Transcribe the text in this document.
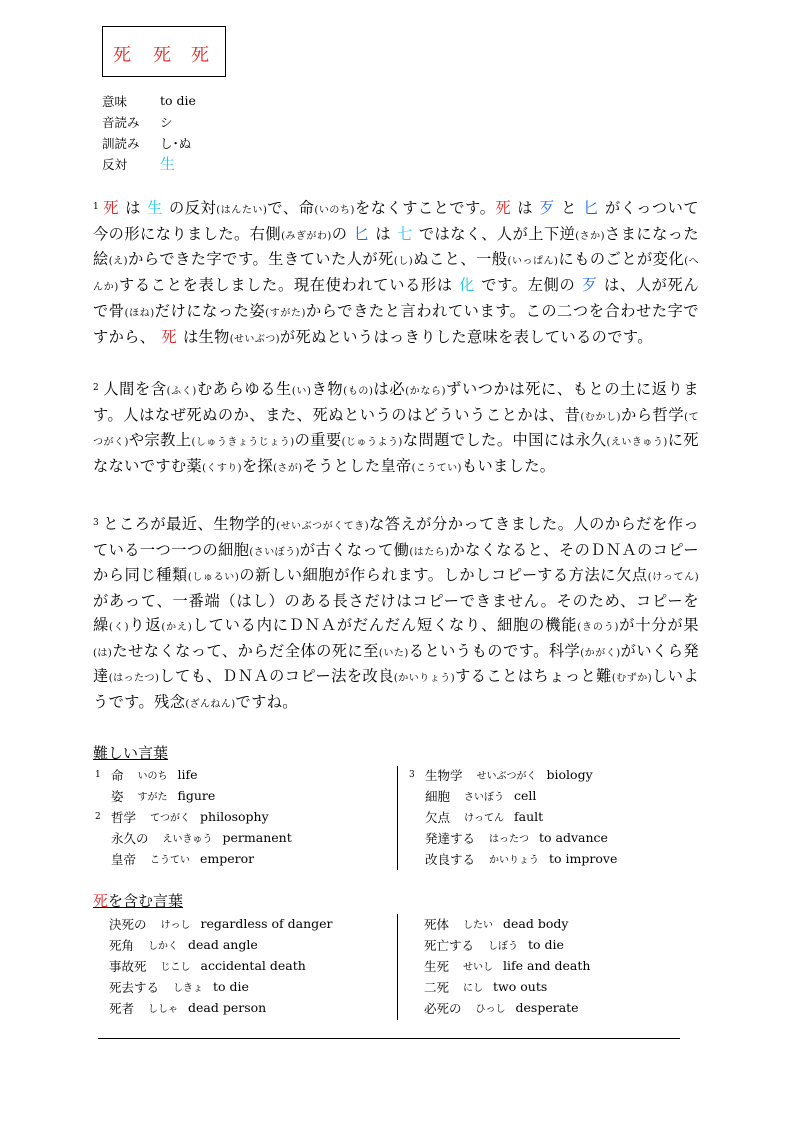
死 死 死
意味	to die
音読み	シ
訓読み	し･ぬ
反対	生

$^1$ 死 は 生 の反対(はんたい)で、命(いのち)をなくすことです。死 は 歹 と 匕 がくっついて今の形になりました。右側(みぎがわ)の 匕 は 七 ではなく、人が上下逆(さか)さまになった絵(え)からできた字です。生きていた人が死(し)ぬこと、一般(いっぱん)にものごとが変化(へんか)することを表しました。現在使われている形は 化 です。左側の 歹 は、人が死んで骨(ほね)だけになった姿(すがた)からできたと言われています。この二つを合わせた字ですから、 死 は生物(せいぶつ)が死ぬというはっきりした意味を表しているのです。

$^2$ 人間を含(ふく)むあらゆる生(い)き物(もの)は必(かなら)ずいつかは死に、もとの土に返ります。人はなぜ死ぬのか、また、死ぬというのはどういうことかは、昔(むかし)から哲学(てつがく)や宗教上(しゅうきょうじょう)の重要(じゅうよう)な問題でした。中国には永久(えいきゅう)に死なないですむ薬(くすり)を探(さが)そうとした皇帝(こうてい)もいました。

$^3$ ところが最近、生物学的(せいぶつがくてき)な答えが分かってきました。人のからだを作っている一つ一つの細胞(さいぼう)が古くなって働(はたら)かなくなると、そのＤＮＡのコピーから同じ種類(しゅるい)の新しい細胞が作られます。しかしコピーする方法に欠点(けってん)があって、一番端（はし）のある長さだけはコピーできません。そのため、コピーを繰(く)り返(かえ)している内にＤＮＡがだんだん短くなり、細胞の機能(きのう)が十分が果(は)たせなくなって、からだ全体の死に至(いた)るというものです。科学(かがく)がいくら発達(はったつ)しても、ＤＮＡのコピー法を改良(かいりょう)することはちょっと難(むずか)しいようです。残念(ざんねん)ですね。

難しい言葉
1 命 いのち life
姿 すがた figure
2 哲学 てつがく philosophy
永久の えいきゅう permanent
皇帝 こうてい emperor
3 生物学 せいぶつがく biology
細胞 さいぼう cell
欠点 けってん fault
発達する はったつ to advance
改良する かいりょう to improve
死を含む言葉
決死の けっし regardless of danger
死角 しかく dead angle
事故死 じこし accidental death
死去する しきょ to die
死者 ししゃ dead person
死体 したい dead body
死亡する しぼう to die
生死 せいし life and death
二死 にし two outs
必死の ひっし desperate
